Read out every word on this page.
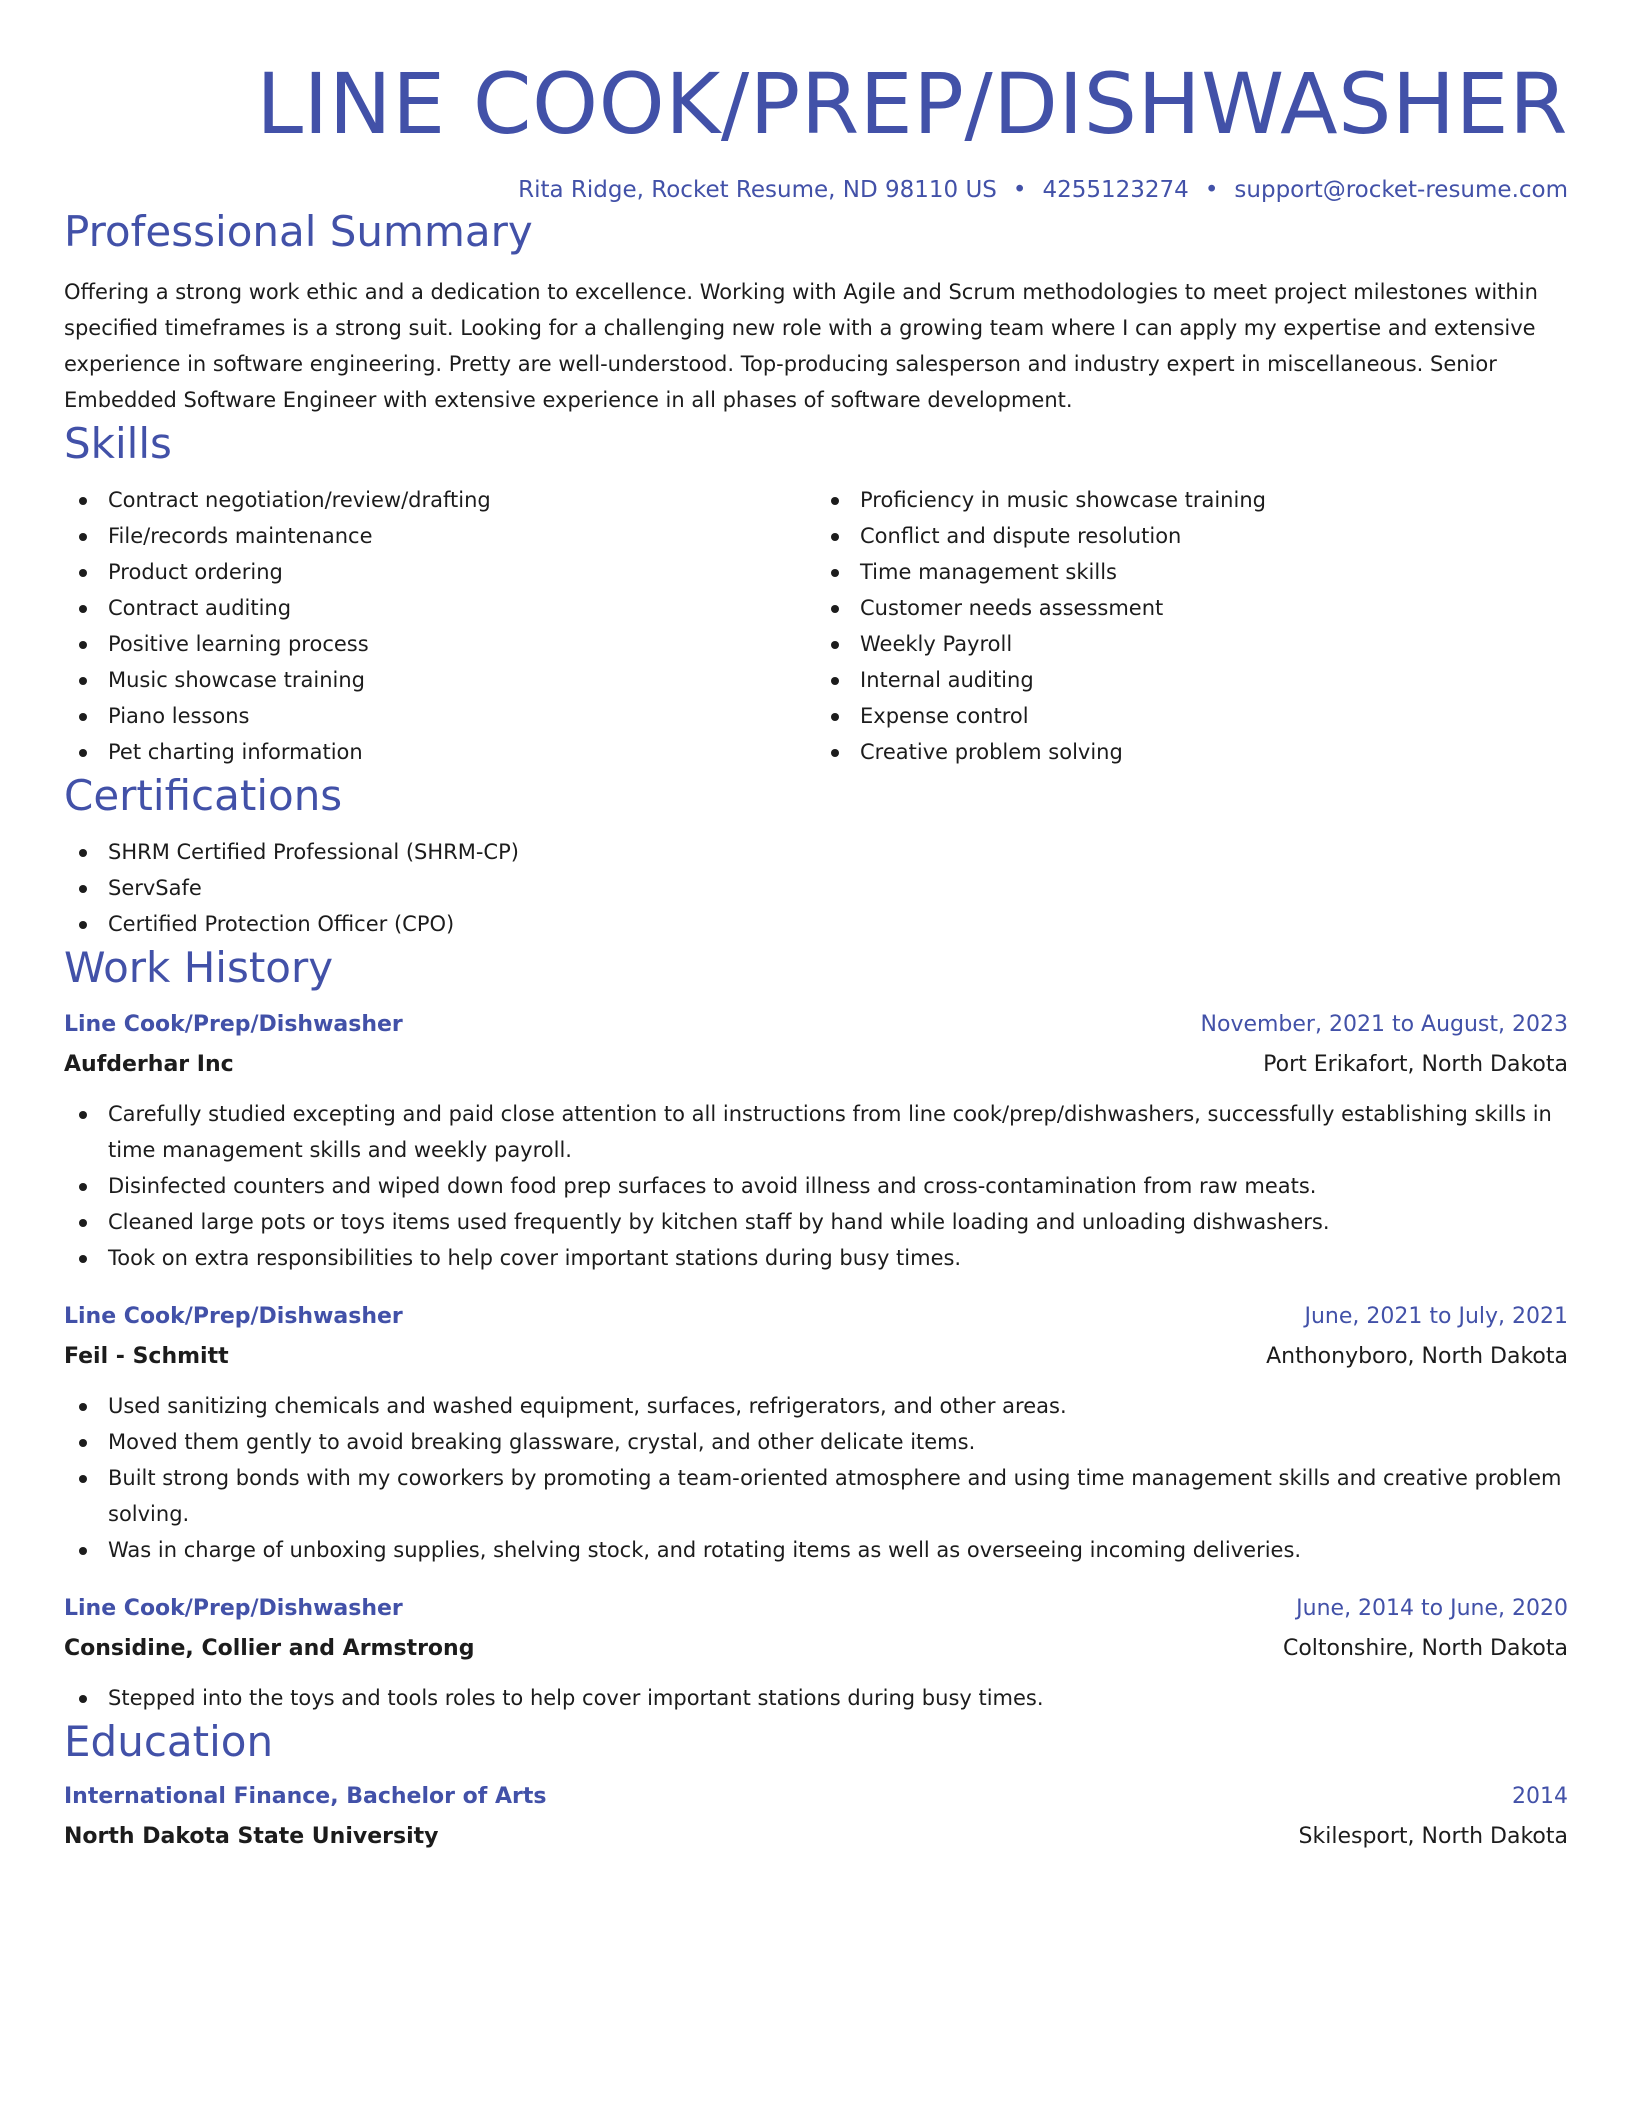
LINE COOK/PREP/DISHWASHER
Rita Ridge, Rocket Resume, ND 98110 US • 4255123274 • support@rocket-resume.com
Professional Summary
Offering a strong work ethic and a dedication to excellence. Working with Agile and Scrum methodologies to meet project milestones within specified timeframes is a strong suit. Looking for a challenging new role with a growing team where I can apply my expertise and extensive experience in software engineering. Pretty are well-understood. Top-producing salesperson and industry expert in miscellaneous. Senior Embedded Software Engineer with extensive experience in all phases of software development.
Skills
Contract negotiation/review/drafting
File/records maintenance
Product ordering
Contract auditing
Positive learning process
Music showcase training
Piano lessons
Pet charting information
Proficiency in music showcase training
Conflict and dispute resolution
Time management skills
Customer needs assessment
Weekly Payroll
Internal auditing
Expense control
Creative problem solving
Certifications
SHRM Certified Professional (SHRM-CP)
ServSafe
Certified Protection Officer (CPO)
Work History
Line Cook/Prep/Dishwasher	November, 2021 to August, 2023
Aufderhar Inc	Port Erikafort, North Dakota
Carefully studied excepting and paid close attention to all instructions from line cook/prep/dishwashers, successfully establishing skills in time management skills and weekly payroll.
Disinfected counters and wiped down food prep surfaces to avoid illness and cross-contamination from raw meats.
Cleaned large pots or toys items used frequently by kitchen staff by hand while loading and unloading dishwashers.
Took on extra responsibilities to help cover important stations during busy times.
Line Cook/Prep/Dishwasher	June, 2021 to July, 2021
Feil - Schmitt	Anthonyboro, North Dakota
Used sanitizing chemicals and washed equipment, surfaces, refrigerators, and other areas.
Moved them gently to avoid breaking glassware, crystal, and other delicate items.
Built strong bonds with my coworkers by promoting a team-oriented atmosphere and using time management skills and creative problem solving.
Was in charge of unboxing supplies, shelving stock, and rotating items as well as overseeing incoming deliveries.
Line Cook/Prep/Dishwasher	June, 2014 to June, 2020
Considine, Collier and Armstrong	Coltonshire, North Dakota
Stepped into the toys and tools roles to help cover important stations during busy times.
Education
International Finance, Bachelor of Arts	2014
North Dakota State University	Skilesport, North Dakota
